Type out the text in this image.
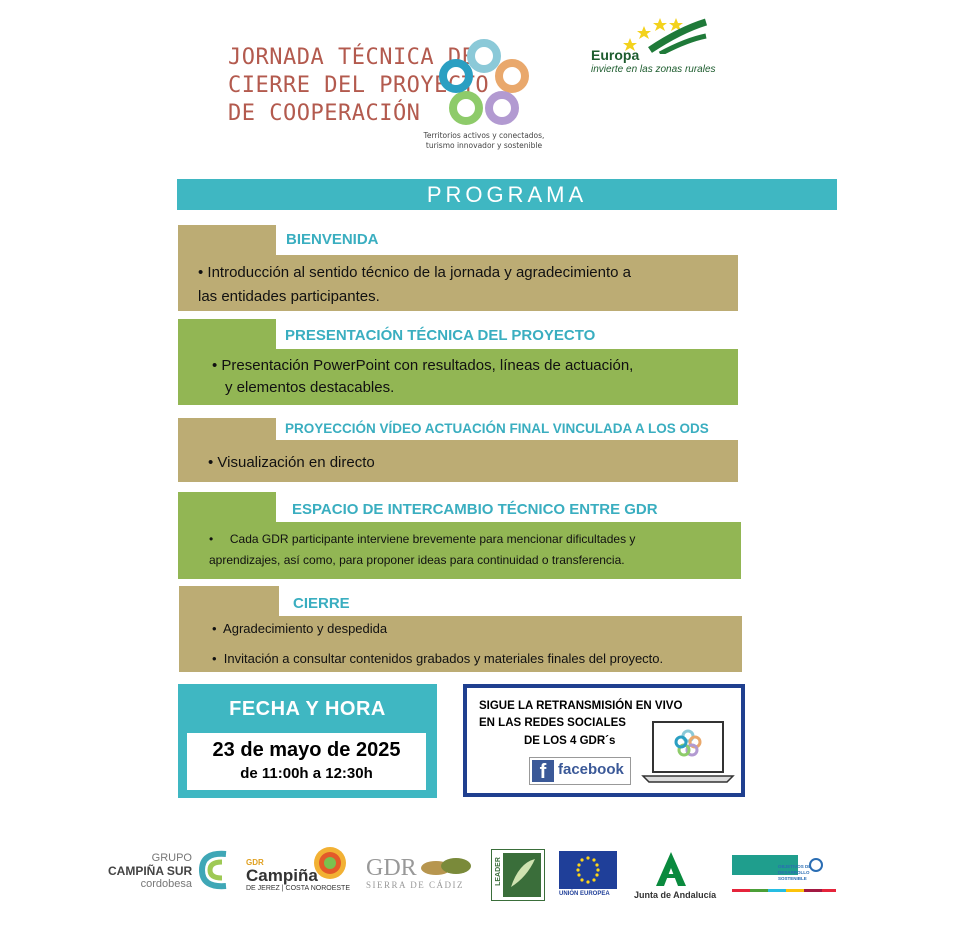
JORNADA TÉCNICA DE
CIERRE DEL PROYECTO
DE COOPERACIÓN
Territorios activos y conectados,
turismo innovador y sostenible
Europa
invierte en las zonas rurales
PROGRAMA
BIENVENIDA
• Introducción al sentido técnico de la jornada y agradecimiento a
las entidades participantes.
PRESENTACIÓN TÉCNICA DEL PROYECTO
• Presentación PowerPoint con resultados, líneas de actuación,
y elementos destacables.
PROYECCIÓN VÍDEO ACTUACIÓN FINAL VINCULADA A LOS ODS
• Visualización en directo
ESPACIO DE INTERCAMBIO TÉCNICO ENTRE GDR
•     Cada GDR participante interviene brevemente para mencionar dificultades y
aprendizajes, así como, para proponer ideas para continuidad o transferencia.
CIERRE
•  Agradecimiento y despedida
•  Invitación a consultar contenidos grabados y materiales finales del proyecto.
FECHA Y HORA
23 de mayo de 2025
de 11:00h a 12:30h
SIGUE LA RETRANSMISIÓN EN VIVO
EN LAS REDES SOCIALES
DE LOS 4 GDR´s
f facebook
GRUPO
CAMPIÑA SUR
cordobesa
GDR
Campiña
DE JEREZ | COSTA NOROESTE
GDR
SIERRA DE CÁDIZ	LEADER
UNIÓN EUROPEA	Junta de Andalucía
OBJETIVOS DE DESARROLLO SOSTENIBLE
